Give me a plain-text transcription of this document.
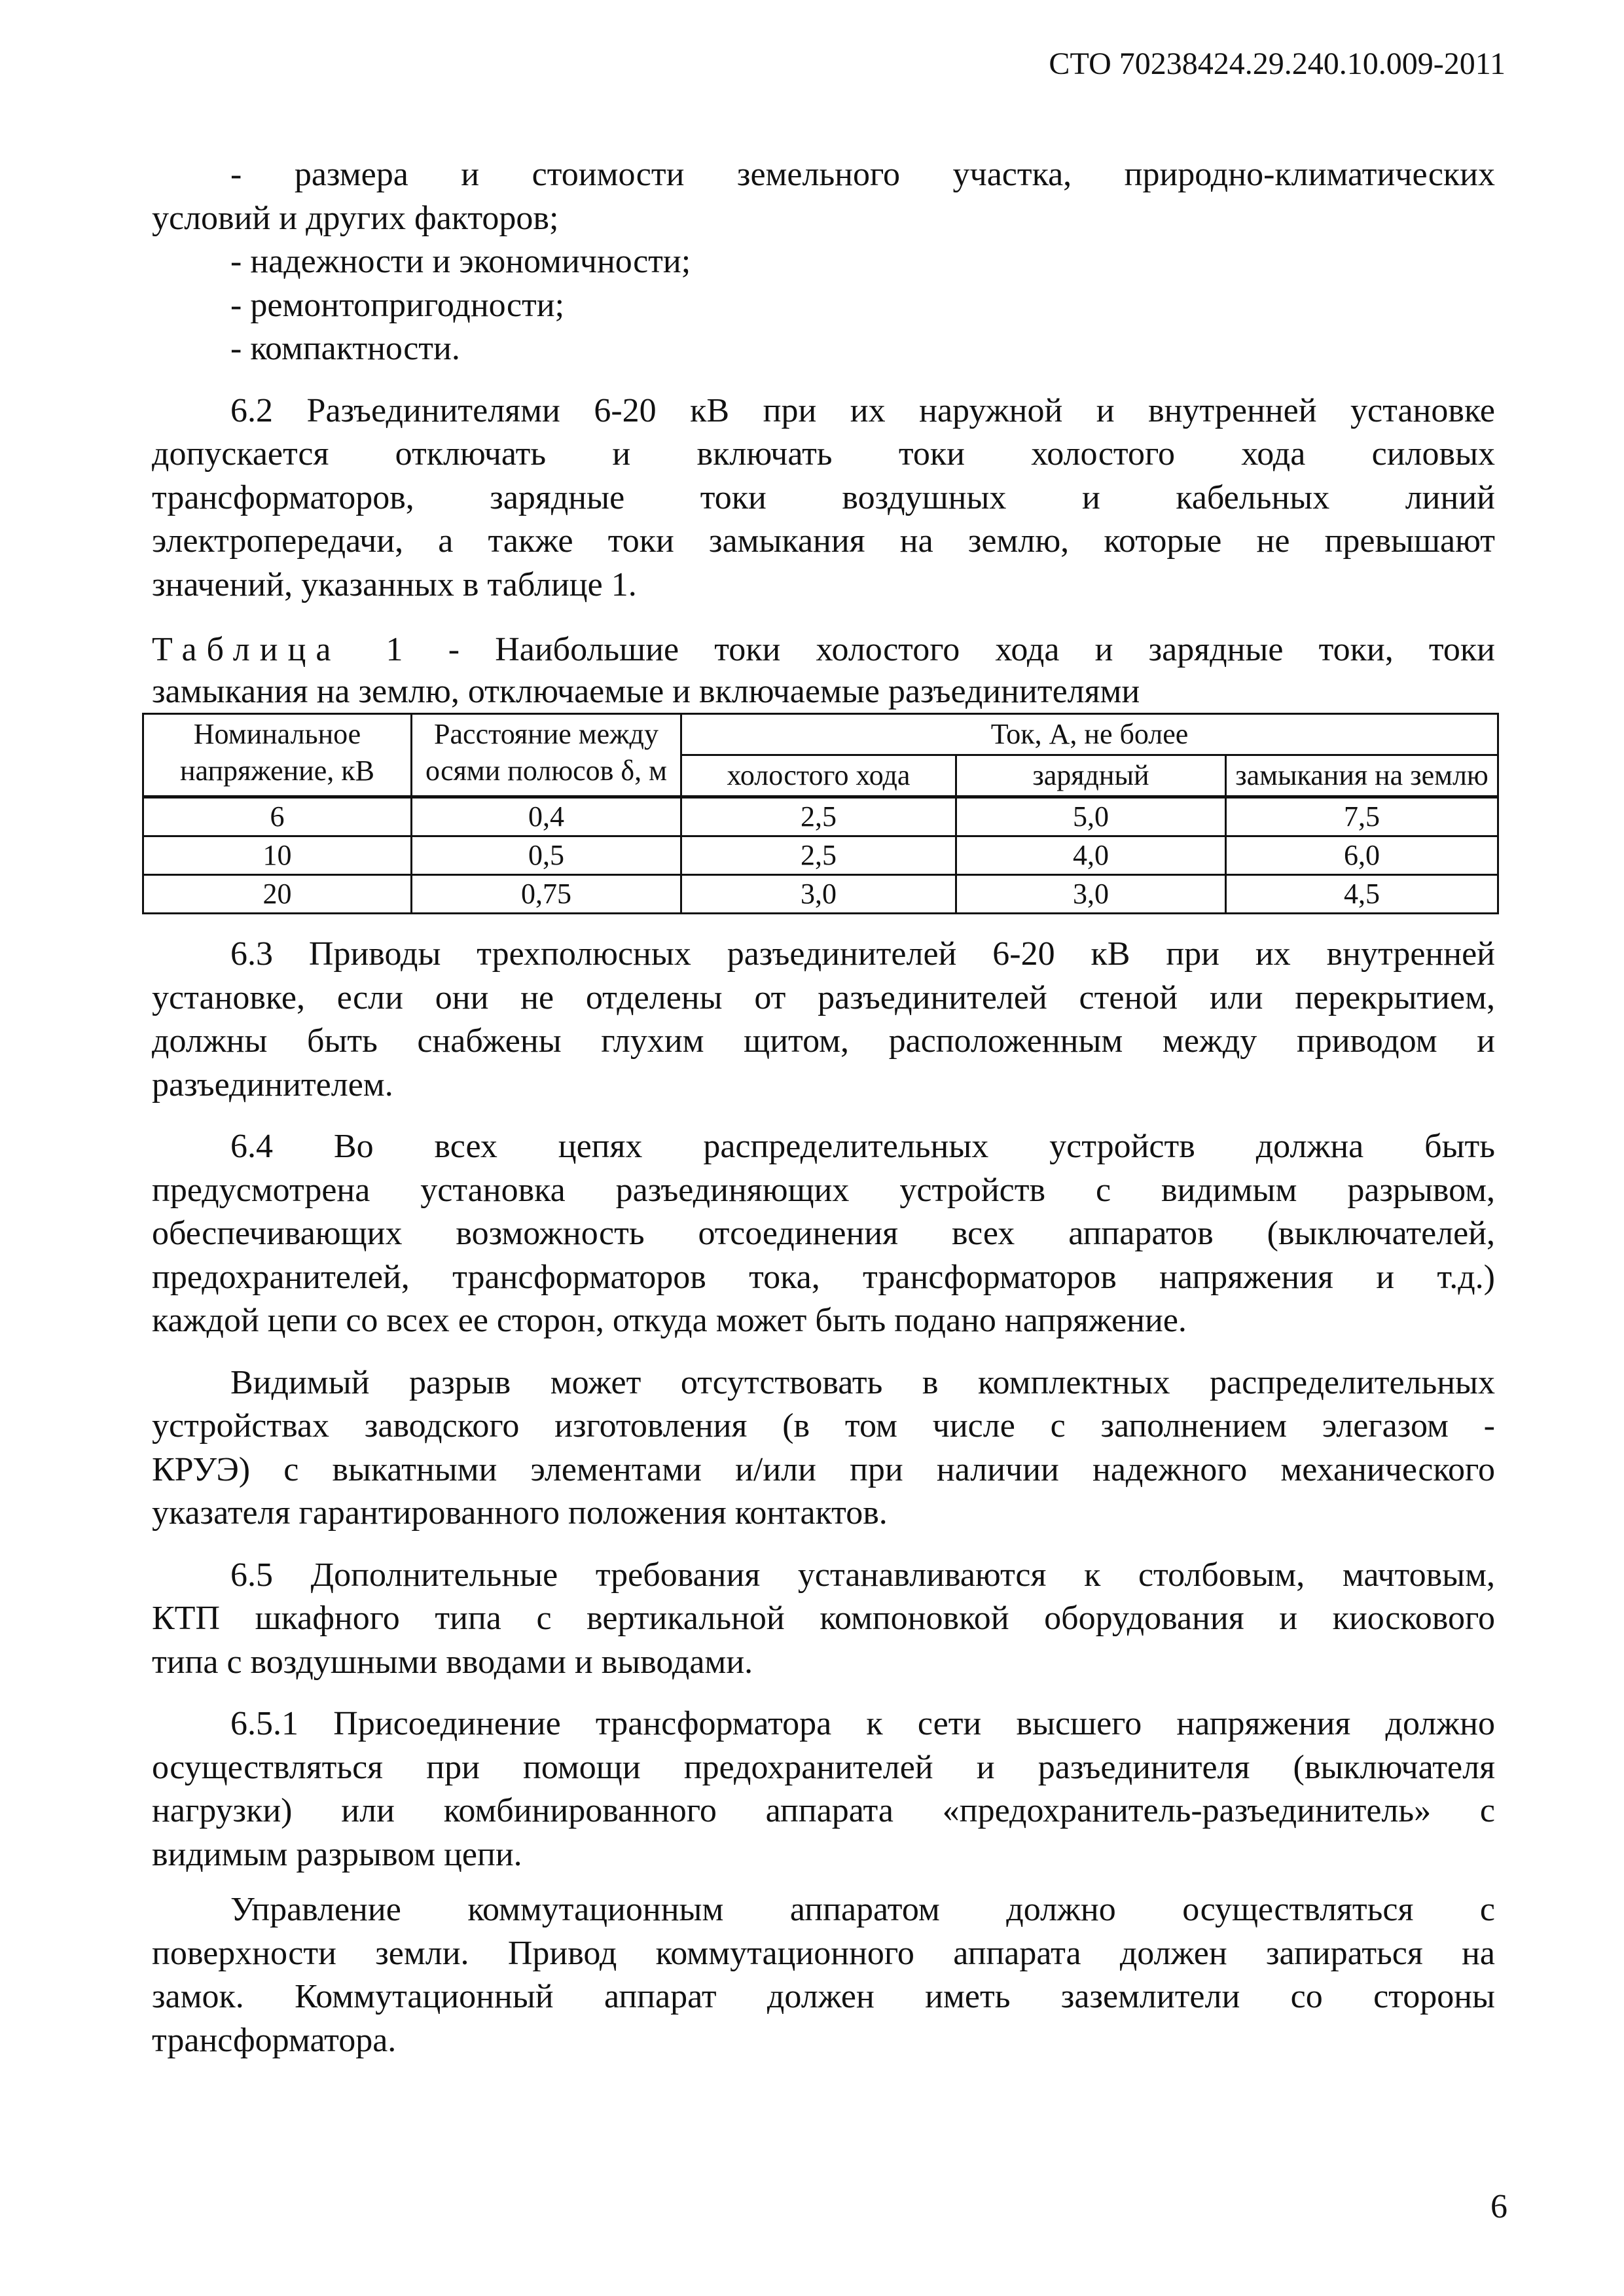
СТО 70238424.29.240.10.009-2011

- размера и стоимости земельного участка, природно-климатических

условий и других факторов;

- надежности и экономичности;

- ремонтопригодности;

- компактности.

6.2 Разъединителями 6-20 кВ при их наружной и внутренней установке

допускается отключать и включать токи холостого хода силовых

трансформаторов, зарядные токи воздушных и кабельных линий

электропередачи, а также токи замыкания на землю, которые не превышают

значений, указанных в таблице 1.

Таблица 1 - Наибольшие токи холостого хода и зарядные токи, токи

замыкания на землю, отключаемые и включаемые разъединителями

Номинальное напряжение, кВ	Расстояние между осями полюсов δ, м	Ток, А, не более		
		холостого хода	зарядный	замыкания на землю
6	0,4	2,5	5,0	7,5
10	0,5	2,5	4,0	6,0
20	0,75	3,0	3,0	4,5

6.3 Приводы трехполюсных разъединителей 6-20 кВ при их внутренней

установке, если они не отделены от разъединителей стеной или перекрытием,

должны быть снабжены глухим щитом, расположенным между приводом и

разъединителем.

6.4 Во всех цепях распределительных устройств должна быть

предусмотрена установка разъединяющих устройств с видимым разрывом,

обеспечивающих возможность отсоединения всех аппаратов (выключателей,

предохранителей, трансформаторов тока, трансформаторов напряжения и т.д.)

каждой цепи со всех ее сторон, откуда может быть подано напряжение.

Видимый разрыв может отсутствовать в комплектных распределительных

устройствах заводского изготовления (в том числе с заполнением элегазом -

КРУЭ) с выкатными элементами и/или при наличии надежного механического

указателя гарантированного положения контактов.

6.5 Дополнительные требования устанавливаются к столбовым, мачтовым,

КТП шкафного типа с вертикальной компоновкой оборудования и киоскового

типа с воздушными вводами и выводами.

6.5.1 Присоединение трансформатора к сети высшего напряжения должно

осуществляться при помощи предохранителей и разъединителя (выключателя

нагрузки) или комбинированного аппарата «предохранитель-разъединитель» с

видимым разрывом цепи.

Управление коммутационным аппаратом должно осуществляться с

поверхности земли. Привод коммутационного аппарата должен запираться на

замок. Коммутационный аппарат должен иметь заземлители со стороны

трансформатора.

6
